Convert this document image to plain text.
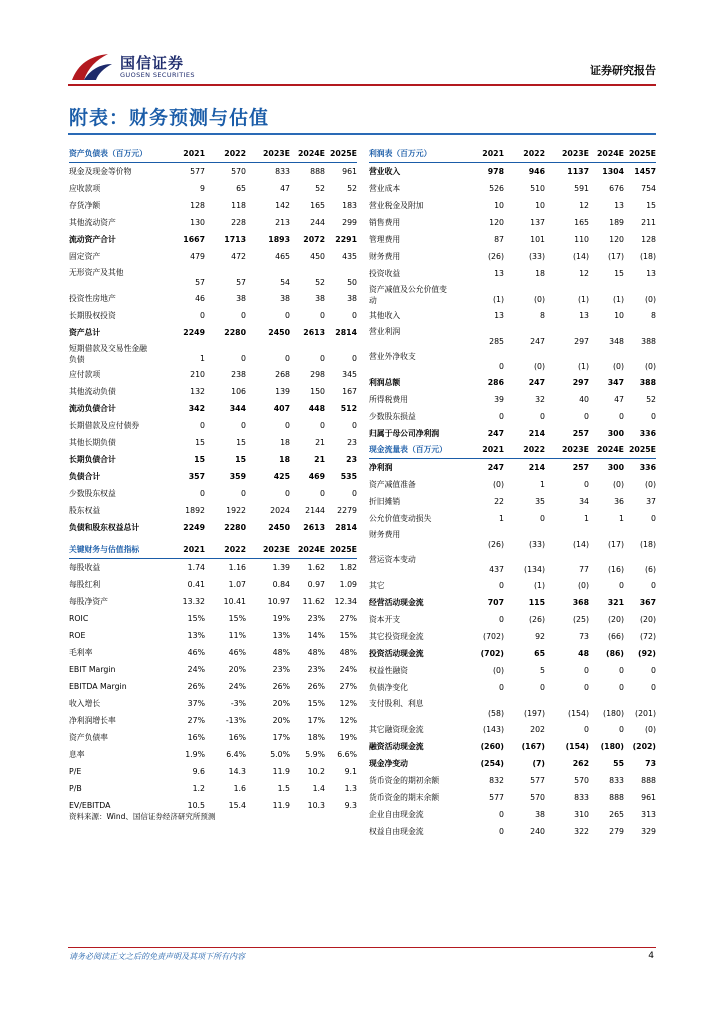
国信证券
GUOSEN SECURITIES	证券研究报告
附表：财务预测与估值
资产负债表（百万元）	2021 2022 2023E 2024E 2025E
现金及现金等价物	577	570	833	888 961
应收款项	9	65	47	52	52
存货净额	128	118	142	165 183
其他流动资产	130	228	213	244 299
流动资产合计	1667 1713	1893 2072 2291
固定资产	479	472	465	450 435
无形资产及其他
57	57	54	52	50
投资性房地产	46	38	38	38	38
长期股权投资	0	0	0	0	0
资产总计	2249 2280	2450 2613 2814
短期借款及交易性金融
负债	1	0	0	0	0
应付款项	210	238	268	298 345
其他流动负债	132	106	139	150 167
流动负债合计	342	344	407 448 512
长期借款及应付债券	0	0	0	0	0
其他长期负债	15	15	18	21	23
长期负债合计	15	15	18	21	23
负债合计	357	359	425 469 535
少数股东权益	0	0	0	0	0
股东权益	1892	1922	2024 2144 2279
负债和股东权益总计	2249 2280	2450 2613 2814
关键财务与估值指标	2021 2022 2023E 2024E 2025E
每股收益	1.74	1.16	1.39 1.62 1.82
每股红利	0.41	1.07	0.84 0.97 1.09
每股净资产	13.32 10.41	10.97 11.62 12.34
ROIC	15%	15%	19% 23% 27%
ROE	13%	11%	13% 14% 15%
毛利率	46%	46%	48% 48% 48%
EBIT Margin	24%	20%	23% 23% 24%
EBITDA Margin	26%	24%	26% 26% 27%
收入增长	37%	-3%	20% 15% 12%
净利润增长率	27%	-13%	20% 17% 12%
资产负债率	16%	16%	17% 18% 19%
息率	1.9%	6.4%	5.0% 5.9% 6.6%
P/E	9.6	14.3	11.9 10.2	9.1
P/B	1.2	1.6	1.5	1.4	1.3
EV/EBITDA	10.5	15.4	11.9 10.3	9.3
利润表（百万元）	2021 2022 2023E 2024E 2025E
营业收入	978	946	1137 1304 1457
营业成本	526	510	591	676 754
营业税金及附加	10	10	12	13	15
销售费用	120	137	165	189 211
管理费用	87	101	110	120 128
财务费用	(26)	(33)	(14) (17) (18)
投资收益	13	18	12	15	13
资产减值及公允价值变
动	(1)	(0)	(1)	(1)	(0)
其他收入	13	8	13	10	8
营业利润
285	247	297	348 388
营业外净收支
0	(0)	(1)	(0)	(0)
利润总额	286	247	297 347 388
所得税费用	39	32	40	47	52
少数股东损益	0	0	0	0	0
归属于母公司净利润	247	214	257 300 336
现金流量表（百万元）	2021 2022 2023E 2024E 2025E
净利润	247	214	257 300 336
资产减值准备	(0)	1	0	(0)	(0)
折旧摊销	22	35	34	36	37
公允价值变动损失	1	0	1	1	0
财务费用
(26)	(33)	(14) (17) (18)
营运资本变动
437	(134)	77 (16)	(6)
其它	0	(1)	(0)	0	0
经营活动现金流	707	115	368 321 367
资本开支	0	(26)	(25) (20) (20)
其它投资现金流	(702)	92	73 (66) (72)
投资活动现金流	(702)	65	48 (86) (92)
权益性融资	(0)	5	0	0	0
负债净变化	0	0	0	0	0
支付股利、利息
(58)	(197)	(154) (180) (201)
其它融资现金流	(143)	202	0	0	(0)
融资活动现金流	(260) (167)	(154) (180) (202)
现金净变动	(254)	(7)	262	55	73
货币资金的期初余额	832	577	570	833 888
货币资金的期末余额	577	570	833	888 961
企业自由现金流	0	38	310	265 313
权益自由现金流	0	240	322	279 329
资料来源：Wind、国信证券经济研究所预测
请务必阅读正文之后的免责声明及其项下所有内容	4
